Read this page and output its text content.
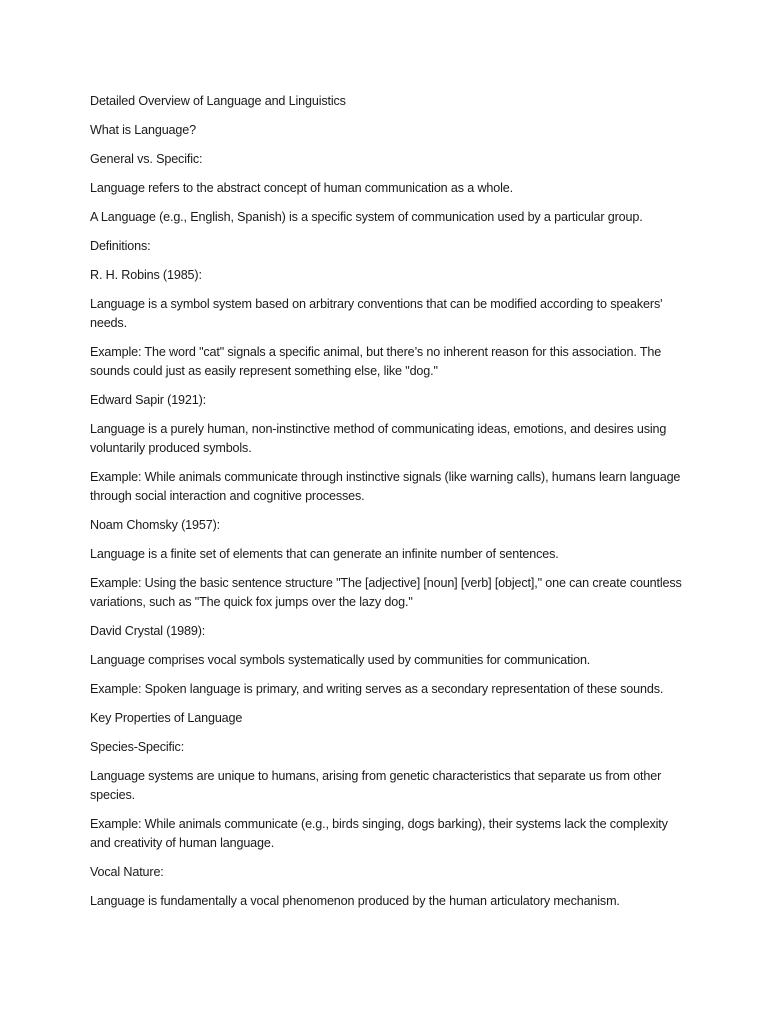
Detailed Overview of Language and Linguistics

What is Language?

General vs. Specific:

Language refers to the abstract concept of human communication as a whole.

A Language (e.g., English, Spanish) is a specific system of communication used by a particular group.

Definitions:

R. H. Robins (1985):

Language is a symbol system based on arbitrary conventions that can be modified according to speakers' needs.

Example: The word "cat" signals a specific animal, but there’s no inherent reason for this association. The sounds could just as easily represent something else, like "dog."

Edward Sapir (1921):

Language is a purely human, non-instinctive method of communicating ideas, emotions, and desires using voluntarily produced symbols.

Example: While animals communicate through instinctive signals (like warning calls), humans learn language through social interaction and cognitive processes.

Noam Chomsky (1957):

Language is a finite set of elements that can generate an infinite number of sentences.

Example: Using the basic sentence structure "The [adjective] [noun] [verb] [object]," one can create countless variations, such as "The quick fox jumps over the lazy dog."

David Crystal (1989):

Language comprises vocal symbols systematically used by communities for communication.

Example: Spoken language is primary, and writing serves as a secondary representation of these sounds.

Key Properties of Language

Species-Specific:

Language systems are unique to humans, arising from genetic characteristics that separate us from other species.

Example: While animals communicate (e.g., birds singing, dogs barking), their systems lack the complexity and creativity of human language.

Vocal Nature:

Language is fundamentally a vocal phenomenon produced by the human articulatory mechanism.
